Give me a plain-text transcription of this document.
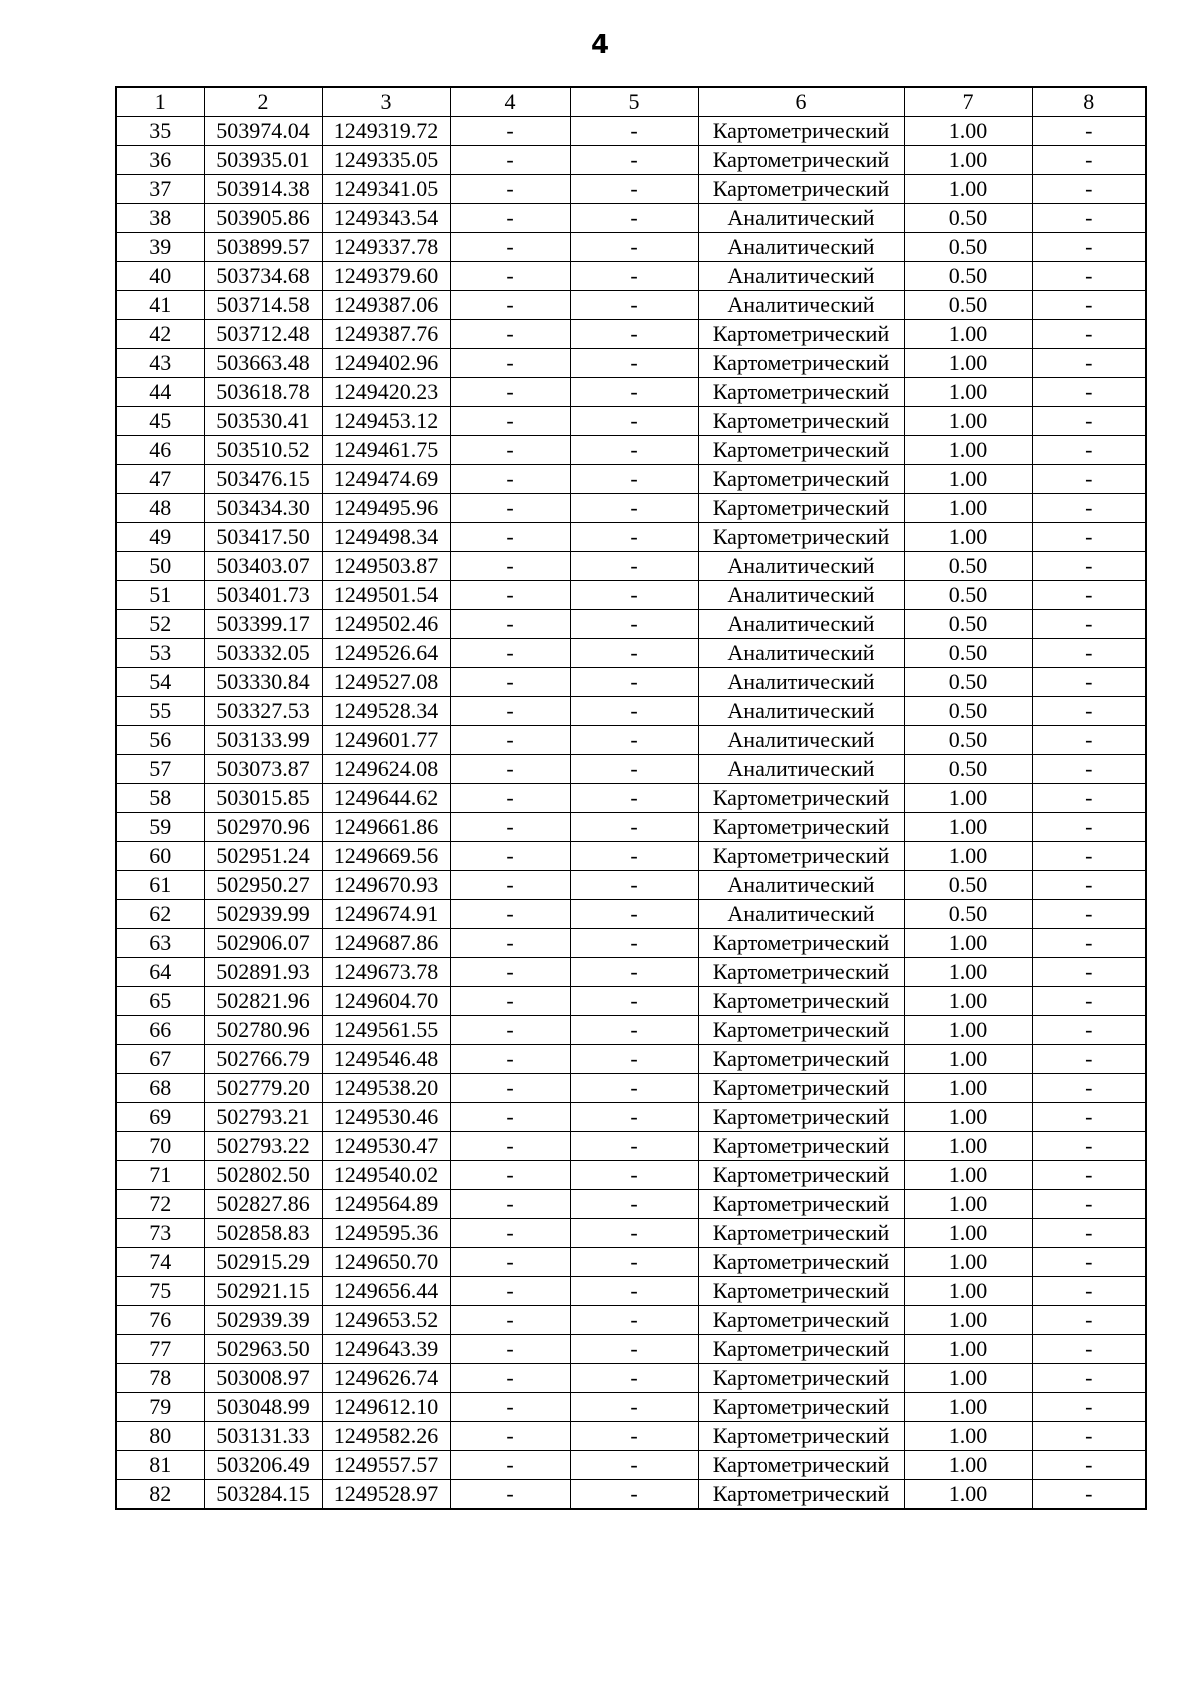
4
1	2	3	4	5	6	7	8
35	503974.04	1249319.72	-	-	Картометрический	1.00	-
36	503935.01	1249335.05	-	-	Картометрический	1.00	-
37	503914.38	1249341.05	-	-	Картометрический	1.00	-
38	503905.86	1249343.54	-	-	Аналитический	0.50	-
39	503899.57	1249337.78	-	-	Аналитический	0.50	-
40	503734.68	1249379.60	-	-	Аналитический	0.50	-
41	503714.58	1249387.06	-	-	Аналитический	0.50	-
42	503712.48	1249387.76	-	-	Картометрический	1.00	-
43	503663.48	1249402.96	-	-	Картометрический	1.00	-
44	503618.78	1249420.23	-	-	Картометрический	1.00	-
45	503530.41	1249453.12	-	-	Картометрический	1.00	-
46	503510.52	1249461.75	-	-	Картометрический	1.00	-
47	503476.15	1249474.69	-	-	Картометрический	1.00	-
48	503434.30	1249495.96	-	-	Картометрический	1.00	-
49	503417.50	1249498.34	-	-	Картометрический	1.00	-
50	503403.07	1249503.87	-	-	Аналитический	0.50	-
51	503401.73	1249501.54	-	-	Аналитический	0.50	-
52	503399.17	1249502.46	-	-	Аналитический	0.50	-
53	503332.05	1249526.64	-	-	Аналитический	0.50	-
54	503330.84	1249527.08	-	-	Аналитический	0.50	-
55	503327.53	1249528.34	-	-	Аналитический	0.50	-
56	503133.99	1249601.77	-	-	Аналитический	0.50	-
57	503073.87	1249624.08	-	-	Аналитический	0.50	-
58	503015.85	1249644.62	-	-	Картометрический	1.00	-
59	502970.96	1249661.86	-	-	Картометрический	1.00	-
60	502951.24	1249669.56	-	-	Картометрический	1.00	-
61	502950.27	1249670.93	-	-	Аналитический	0.50	-
62	502939.99	1249674.91	-	-	Аналитический	0.50	-
63	502906.07	1249687.86	-	-	Картометрический	1.00	-
64	502891.93	1249673.78	-	-	Картометрический	1.00	-
65	502821.96	1249604.70	-	-	Картометрический	1.00	-
66	502780.96	1249561.55	-	-	Картометрический	1.00	-
67	502766.79	1249546.48	-	-	Картометрический	1.00	-
68	502779.20	1249538.20	-	-	Картометрический	1.00	-
69	502793.21	1249530.46	-	-	Картометрический	1.00	-
70	502793.22	1249530.47	-	-	Картометрический	1.00	-
71	502802.50	1249540.02	-	-	Картометрический	1.00	-
72	502827.86	1249564.89	-	-	Картометрический	1.00	-
73	502858.83	1249595.36	-	-	Картометрический	1.00	-
74	502915.29	1249650.70	-	-	Картометрический	1.00	-
75	502921.15	1249656.44	-	-	Картометрический	1.00	-
76	502939.39	1249653.52	-	-	Картометрический	1.00	-
77	502963.50	1249643.39	-	-	Картометрический	1.00	-
78	503008.97	1249626.74	-	-	Картометрический	1.00	-
79	503048.99	1249612.10	-	-	Картометрический	1.00	-
80	503131.33	1249582.26	-	-	Картометрический	1.00	-
81	503206.49	1249557.57	-	-	Картометрический	1.00	-
82	503284.15	1249528.97	-	-	Картометрический	1.00	-
